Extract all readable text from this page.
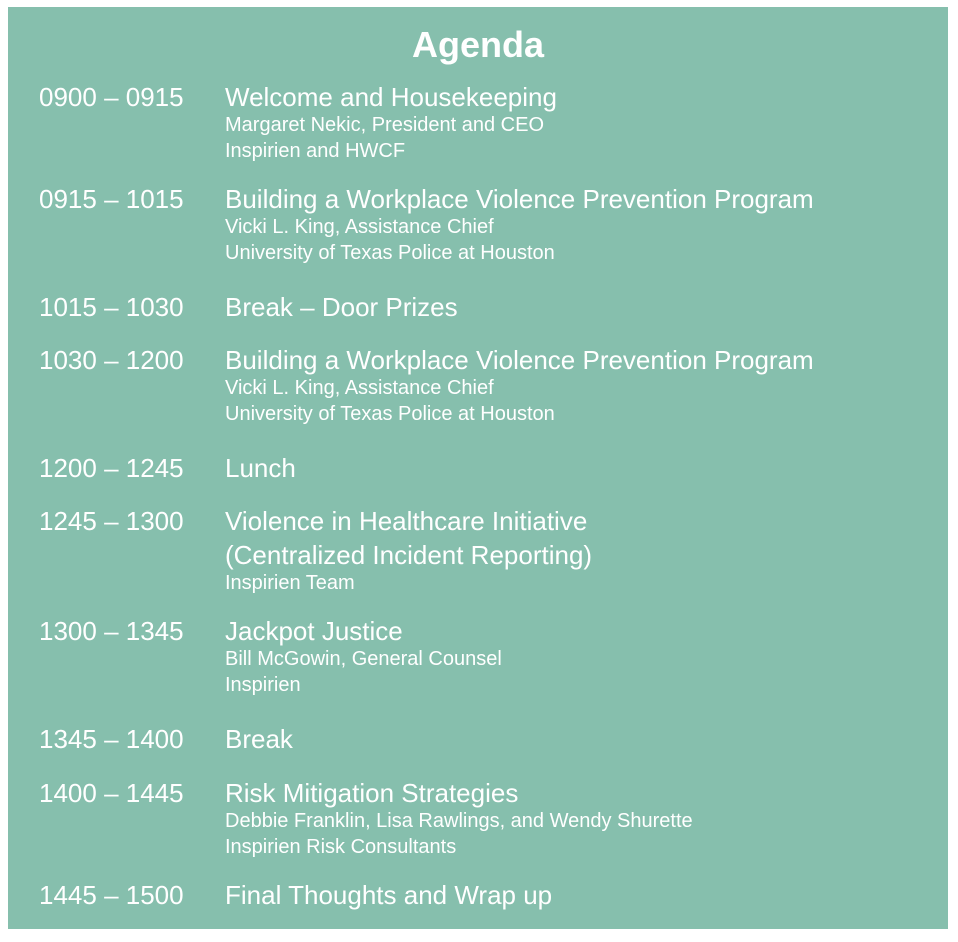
Agenda
0900 – 0915 Welcome and Housekeeping
Margaret Nekic, President and CEO
Inspirien and HWCF
0915 – 1015 Building a Workplace Violence Prevention Program
Vicki L. King, Assistance Chief
University of Texas Police at Houston
1015 – 1030 Break – Door Prizes
1030 – 1200 Building a Workplace Violence Prevention Program
Vicki L. King, Assistance Chief
University of Texas Police at Houston
1200 – 1245 Lunch
1245 – 1300 Violence in Healthcare Initiative
(Centralized Incident Reporting)
Inspirien Team
1300 – 1345 Jackpot Justice
Bill McGowin, General Counsel
Inspirien
1345 – 1400 Break
1400 – 1445 Risk Mitigation Strategies
Debbie Franklin, Lisa Rawlings, and Wendy Shurette
Inspirien Risk Consultants
1445 – 1500 Final Thoughts and Wrap up
